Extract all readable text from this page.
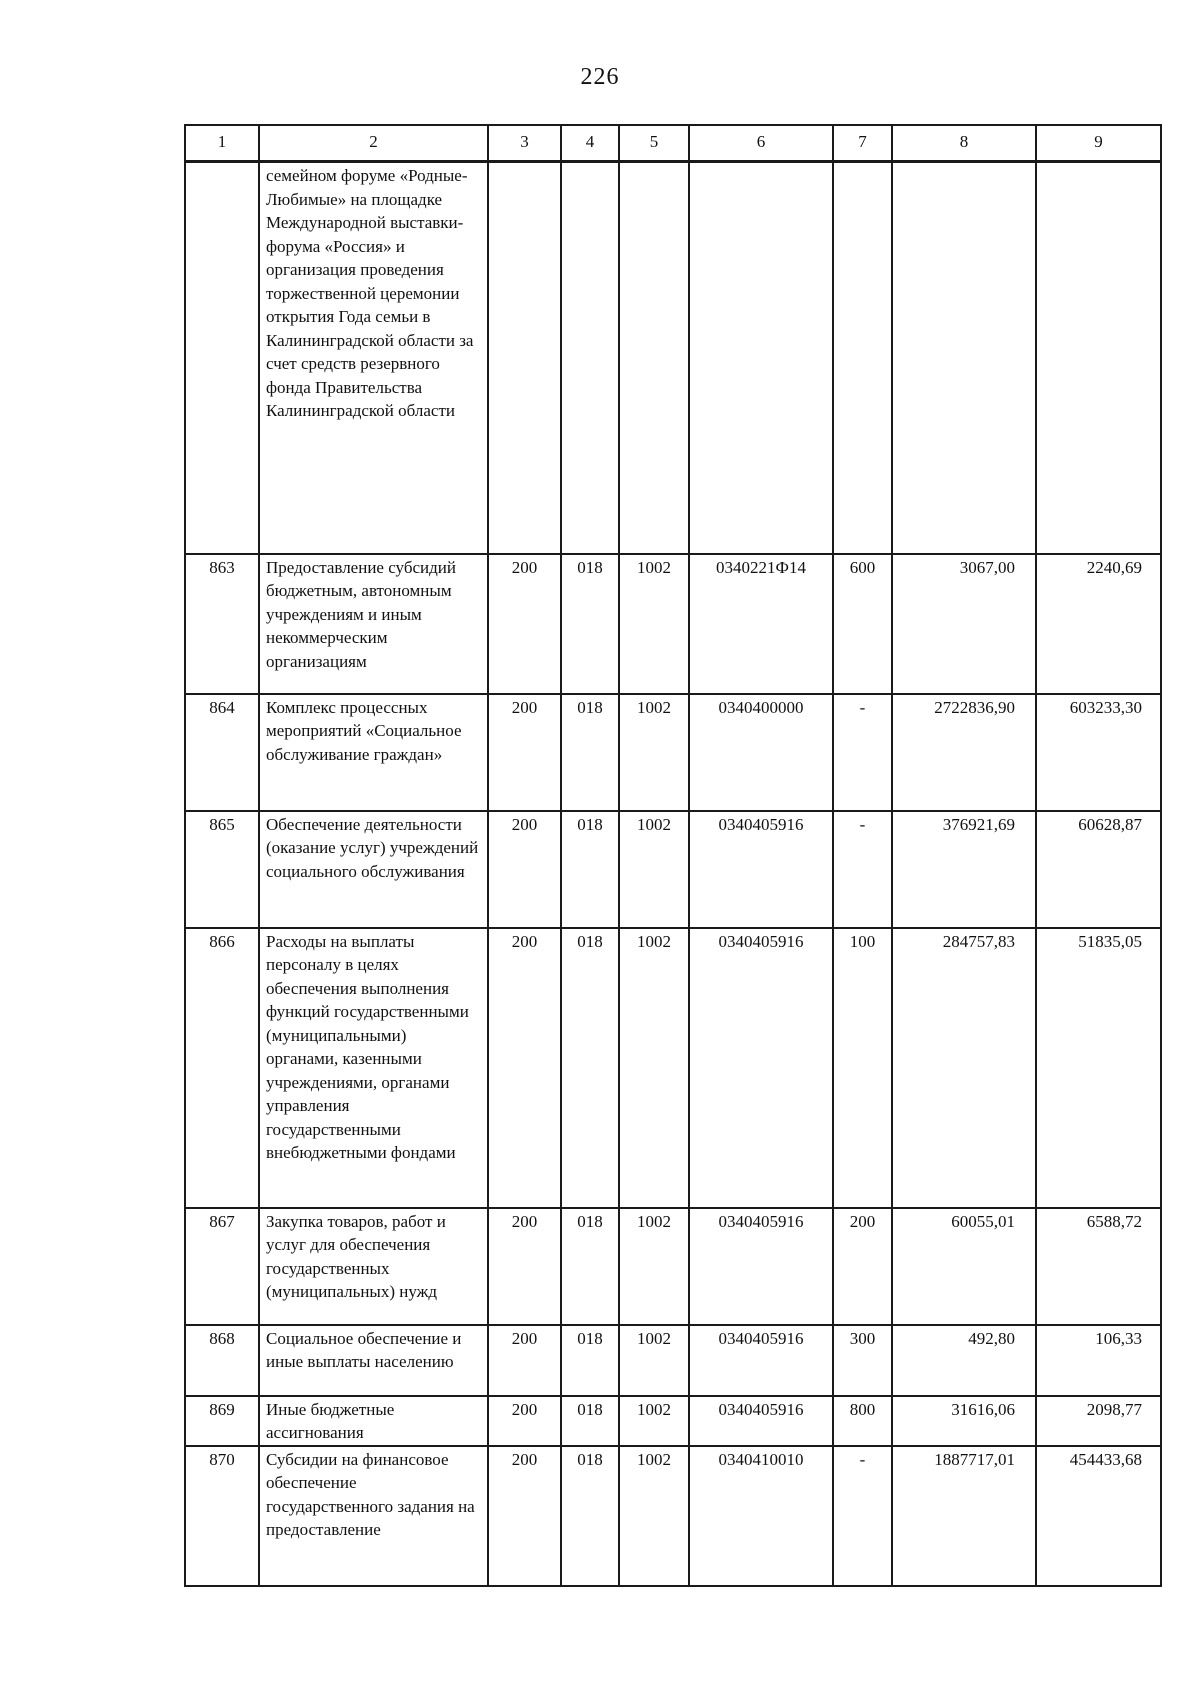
226
1	2	3	4	5	6	7	8	9
	семейном форуме «Родные-Любимые» на площадке Международной выставки-форума «Россия» и организация проведения торжественной церемонии открытия Года семьи в Калининградской области за счет средств резервного фонда Правительства Калининградской области							
863	Предоставление субсидий бюджетным, автономным учреждениям и иным некоммерческим организациям	200	018	1002	0340221Ф14	600	3067,00	2240,69
864	Комплекс процессных мероприятий «Социальное обслуживание граждан»	200	018	1002	0340400000	-	2722836,90	603233,30
865	Обеспечение деятельности (оказание услуг) учреждений социального обслуживания	200	018	1002	0340405916	-	376921,69	60628,87
866	Расходы на выплаты персоналу в целях обеспечения выполнения функций государственными (муниципальными) органами, казенными учреждениями, органами управления государственными внебюджетными фондами	200	018	1002	0340405916	100	284757,83	51835,05
867	Закупка товаров, работ и услуг для обеспечения государственных (муниципальных) нужд	200	018	1002	0340405916	200	60055,01	6588,72
868	Социальное обеспечение и иные выплаты населению	200	018	1002	0340405916	300	492,80	106,33
869	Иные бюджетные ассигнования	200	018	1002	0340405916	800	31616,06	2098,77
870	Субсидии на финансовое обеспечение государственного задания на предоставление	200	018	1002	0340410010	-	1887717,01	454433,68
